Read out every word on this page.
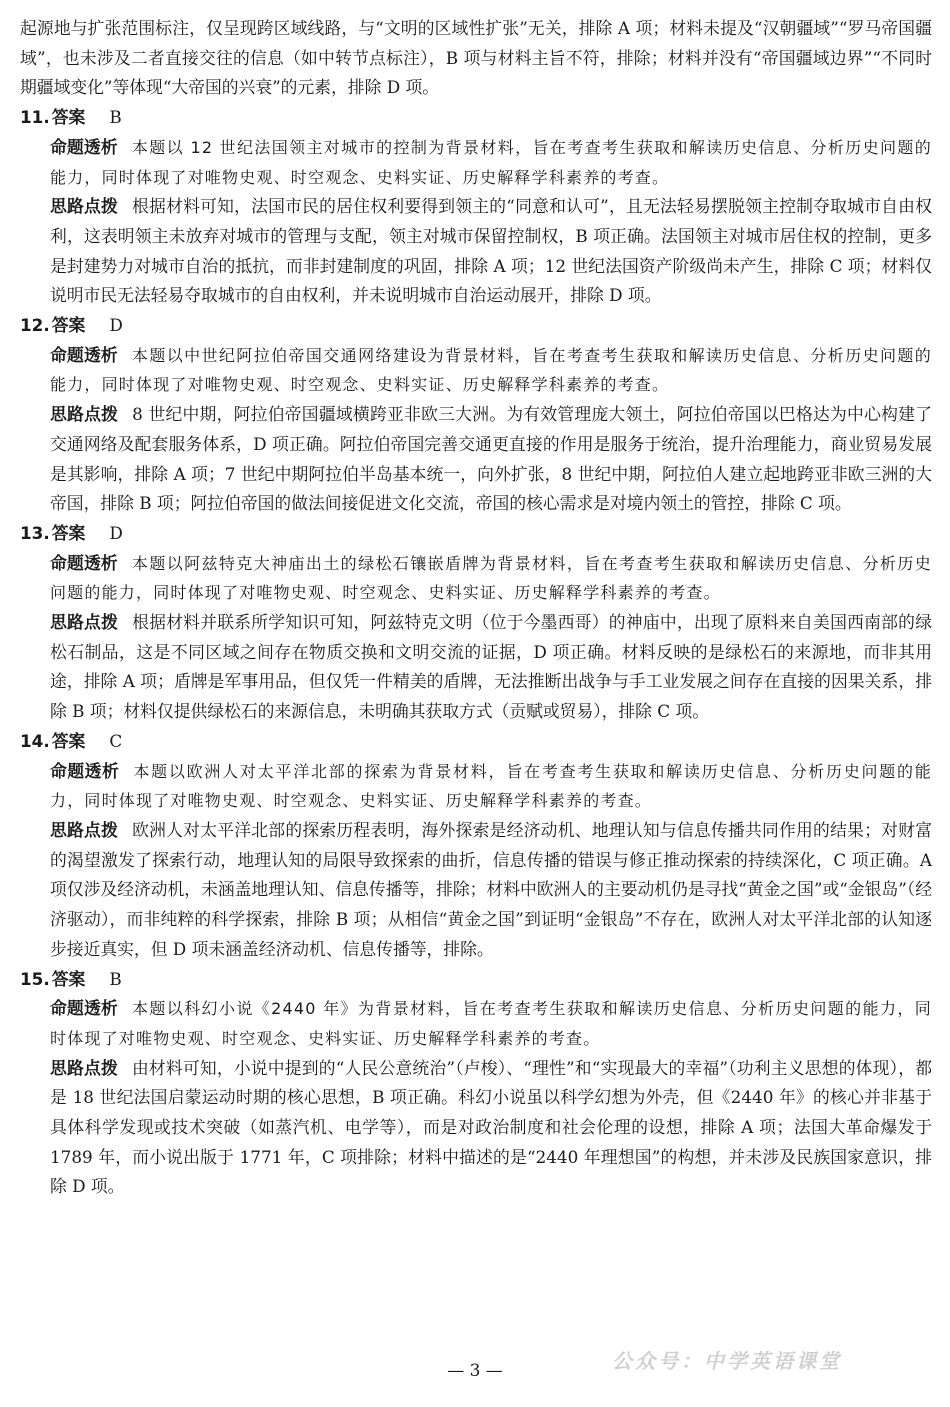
起源地与扩张范围标注，仅呈现跨区域线路，与“文明的区域性扩张”无关，排除 A 项；材料未提及“汉朝疆域”“罗马帝国疆域”，也未涉及二者直接交往的信息（如中转节点标注），B 项与材料主旨不符，排除；材料并没有“帝国疆域边界”“不同时期疆域变化”等体现“大帝国的兴衰”的元素，排除 D 项。

11. 答案 B

命题透析 本题以 12 世纪法国领主对城市的控制为背景材料，旨在考查考生获取和解读历史信息、分析历史问题的能力，同时体现了对唯物史观、时空观念、史料实证、历史解释学科素养的考查。

思路点拨 根据材料可知，法国市民的居住权利要得到领主的“同意和认可”，且无法轻易摆脱领主控制夺取城市自由权利，这表明领主未放弃对城市的管理与支配，领主对城市保留控制权，B 项正确。法国领主对城市居住权的控制，更多是封建势力对城市自治的抵抗，而非封建制度的巩固，排除 A 项；12 世纪法国资产阶级尚未产生，排除 C 项；材料仅说明市民无法轻易夺取城市的自由权利，并未说明城市自治运动展开，排除 D 项。

12. 答案 D

命题透析 本题以中世纪阿拉伯帝国交通网络建设为背景材料，旨在考查考生获取和解读历史信息、分析历史问题的能力，同时体现了对唯物史观、时空观念、史料实证、历史解释学科素养的考查。

思路点拨 8 世纪中期，阿拉伯帝国疆域横跨亚非欧三大洲。为有效管理庞大领土，阿拉伯帝国以巴格达为中心构建了交通网络及配套服务体系，D 项正确。阿拉伯帝国完善交通更直接的作用是服务于统治，提升治理能力，商业贸易发展是其影响，排除 A 项；7 世纪中期阿拉伯半岛基本统一，向外扩张，8 世纪中期，阿拉伯人建立起地跨亚非欧三洲的大帝国，排除 B 项；阿拉伯帝国的做法间接促进文化交流，帝国的核心需求是对境内领土的管控，排除 C 项。

13. 答案 D

命题透析 本题以阿兹特克大神庙出土的绿松石镶嵌盾牌为背景材料，旨在考查考生获取和解读历史信息、分析历史问题的能力，同时体现了对唯物史观、时空观念、史料实证、历史解释学科素养的考查。

思路点拨 根据材料并联系所学知识可知，阿兹特克文明（位于今墨西哥）的神庙中，出现了原料来自美国西南部的绿松石制品，这是不同区域之间存在物质交换和文明交流的证据，D 项正确。材料反映的是绿松石的来源地，而非其用途，排除 A 项；盾牌是军事用品，但仅凭一件精美的盾牌，无法推断出战争与手工业发展之间存在直接的因果关系，排除 B 项；材料仅提供绿松石的来源信息，未明确其获取方式（贡赋或贸易），排除 C 项。

14. 答案 C

命题透析 本题以欧洲人对太平洋北部的探索为背景材料，旨在考查考生获取和解读历史信息、分析历史问题的能力，同时体现了对唯物史观、时空观念、史料实证、历史解释学科素养的考查。

思路点拨 欧洲人对太平洋北部的探索历程表明，海外探索是经济动机、地理认知与信息传播共同作用的结果；对财富的渴望激发了探索行动，地理认知的局限导致探索的曲折，信息传播的错误与修正推动探索的持续深化，C 项正确。A 项仅涉及经济动机，未涵盖地理认知、信息传播等，排除；材料中欧洲人的主要动机仍是寻找“黄金之国”或“金银岛”（经济驱动），而非纯粹的科学探索，排除 B 项；从相信“黄金之国”到证明“金银岛”不存在，欧洲人对太平洋北部的认知逐步接近真实，但 D 项未涵盖经济动机、信息传播等，排除。

15. 答案 B

命题透析 本题以科幻小说《2440 年》为背景材料，旨在考查考生获取和解读历史信息、分析历史问题的能力，同时体现了对唯物史观、时空观念、史料实证、历史解释学科素养的考查。

思路点拨 由材料可知，小说中提到的“人民公意统治”（卢梭）、“理性”和“实现最大的幸福”（功利主义思想的体现），都是 18 世纪法国启蒙运动时期的核心思想，B 项正确。科幻小说虽以科学幻想为外壳，但《2440 年》的核心并非基于具体科学发现或技术突破（如蒸汽机、电学等），而是对政治制度和社会伦理的设想，排除 A 项；法国大革命爆发于 1789 年，而小说出版于 1771 年，C 项排除；材料中描述的是“2440 年理想国”的构想，并未涉及民族国家意识，排除 D 项。

— 3 —	公众号：中学英语课堂
